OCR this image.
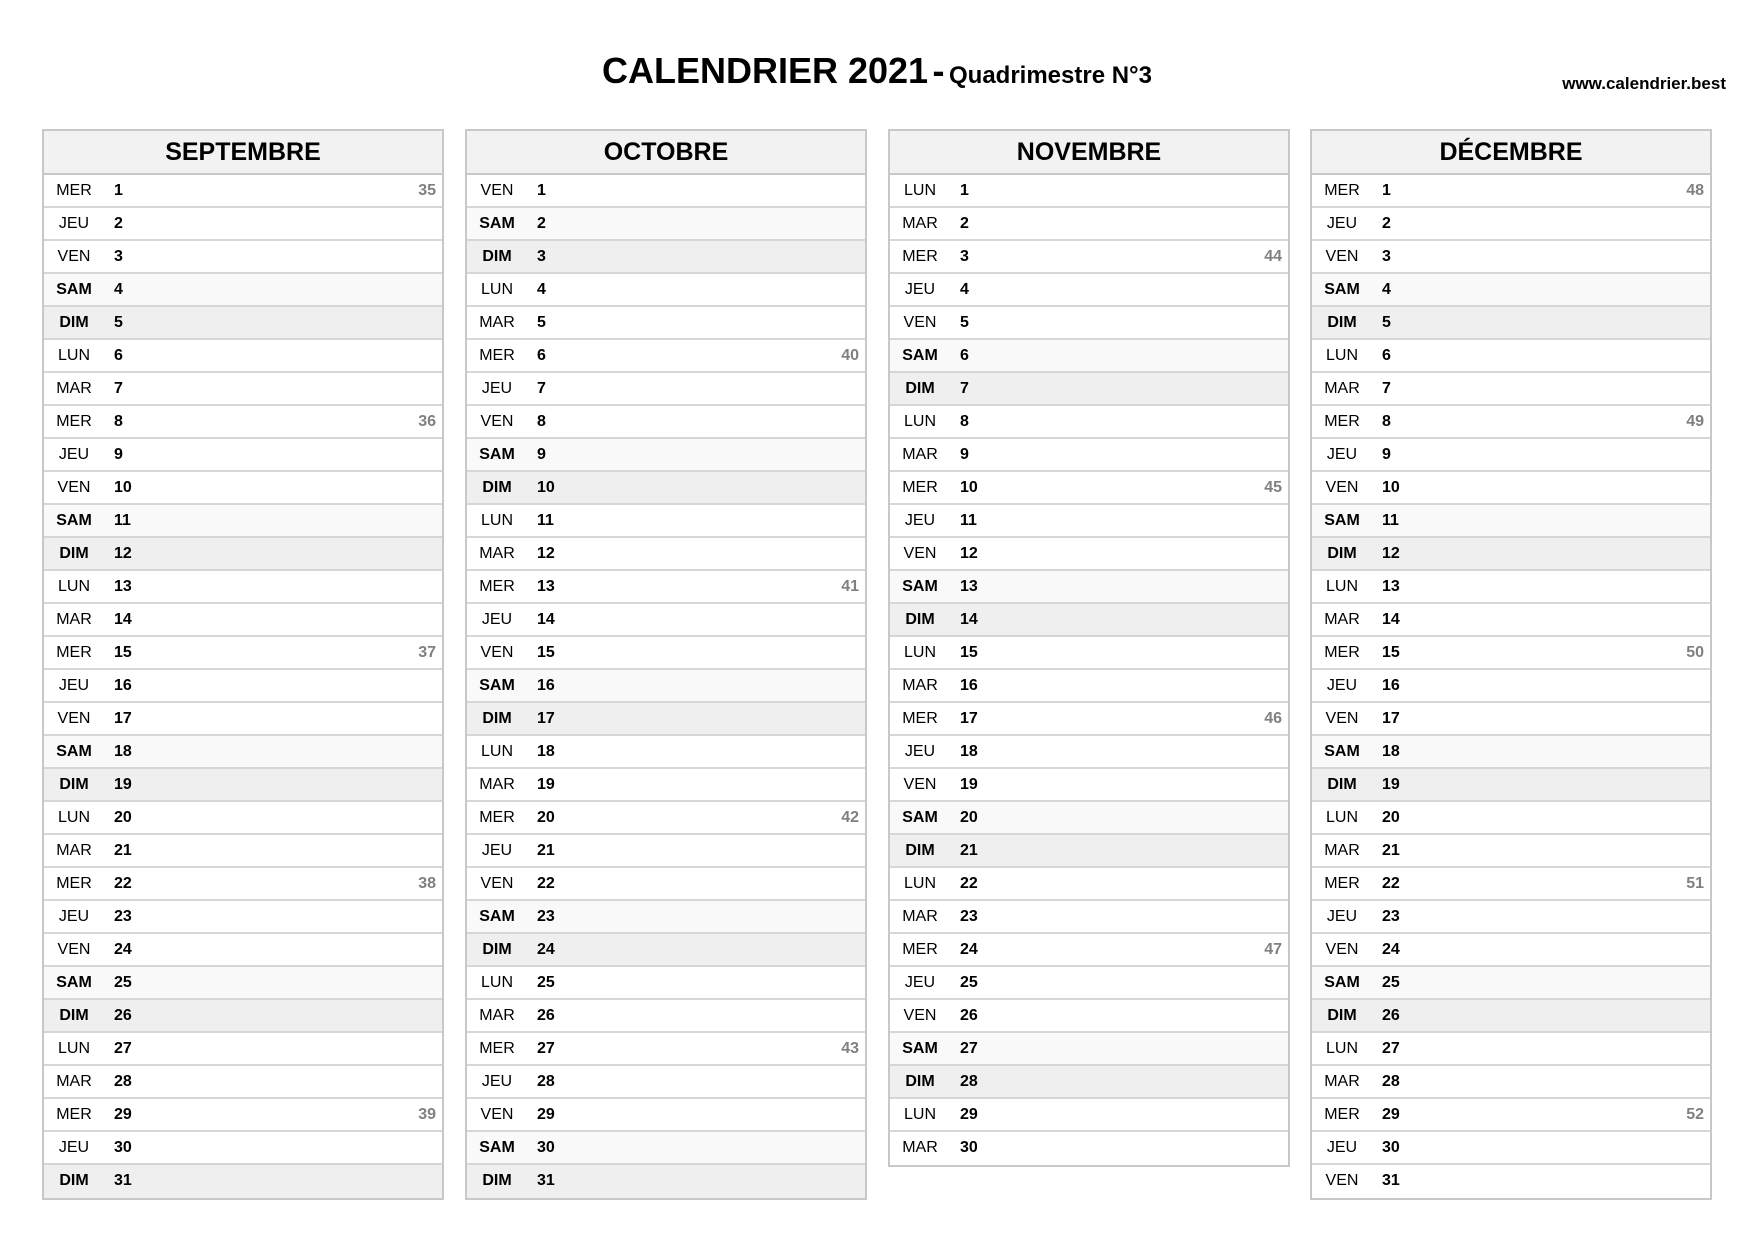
CALENDRIER 2021 - Quadrimestre N°3	www.calendrier.best
SEPTEMBRE
MER 1	35
JEU	2
VEN 3
SAM 4
DIM	5
LUN 6
MAR 7
MER 8	36
JEU	9
VEN 10
SAM 11
DIM	12
LUN 13
MAR 14
MER 15	37
JEU	16
VEN 17
SAM 18
DIM	19
LUN 20
MAR 21
MER 22	38
JEU	23
VEN 24
SAM 25
DIM	26
LUN 27
MAR 28
MER 29	39
JEU	30
DIM	31
OCTOBRE
VEN 1
SAM 2
DIM	3
LUN 4
MAR 5
MER 6	40
JEU	7
VEN 8
SAM 9
DIM	10
LUN 11
MAR 12
MER 13	41
JEU	14
VEN 15
SAM 16
DIM	17
LUN 18
MAR 19
MER 20	42
JEU	21
VEN 22
SAM 23
DIM	24
LUN 25
MAR 26
MER 27	43
JEU	28
VEN 29
SAM 30
DIM	31
NOVEMBRE
LUN 1
MAR 2
MER 3	44
JEU	4
VEN 5
SAM 6
DIM	7
LUN 8
MAR 9
MER 10	45
JEU	11
VEN 12
SAM 13
DIM	14
LUN 15
MAR 16
MER 17	46
JEU	18
VEN 19
SAM 20
DIM	21
LUN 22
MAR 23
MER 24	47
JEU	25
VEN 26
SAM 27
DIM	28
LUN 29
MAR 30
DÉCEMBRE
MER 1	48
JEU	2
VEN 3
SAM 4
DIM	5
LUN 6
MAR 7
MER 8	49
JEU	9
VEN 10
SAM 11
DIM	12
LUN 13
MAR 14
MER 15	50
JEU	16
VEN 17
SAM 18
DIM	19
LUN 20
MAR 21
MER 22	51
JEU	23
VEN 24
SAM 25
DIM	26
LUN 27
MAR 28
MER 29	52
JEU	30
VEN 31
